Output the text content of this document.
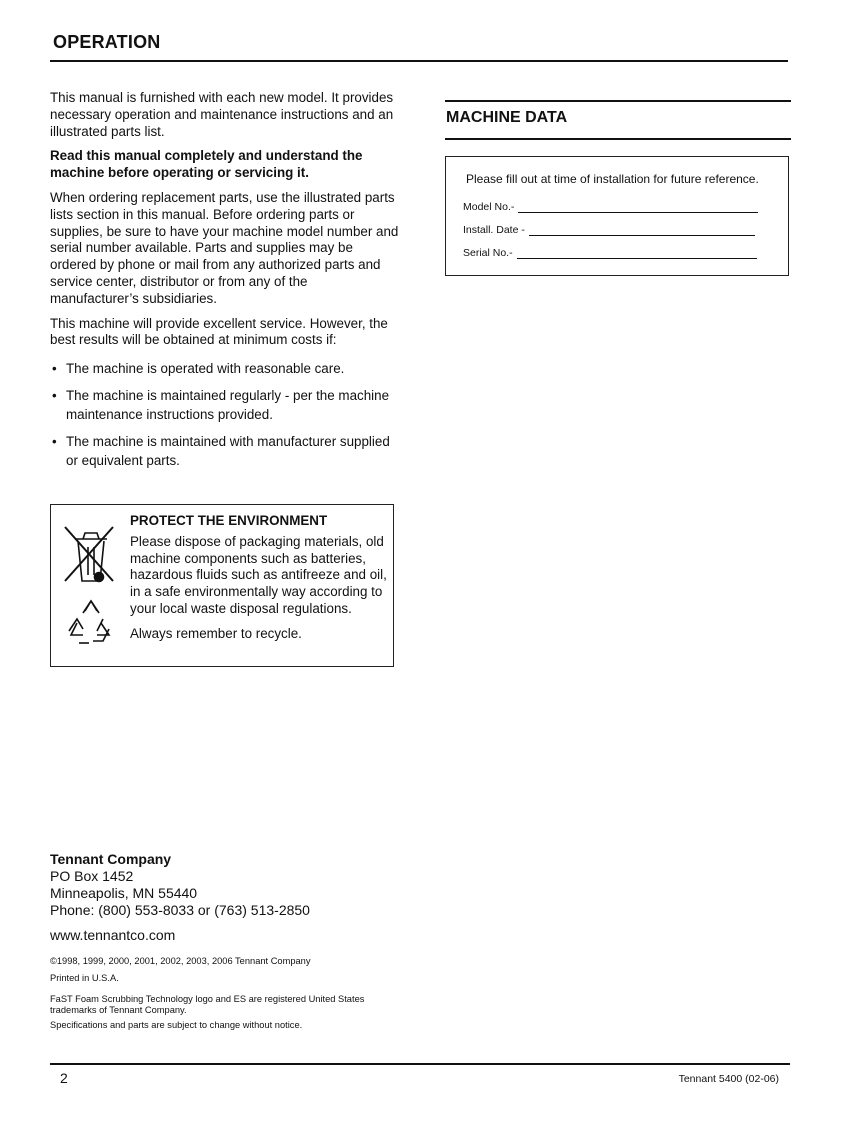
OPERATION

This manual is furnished with each new model. It provides necessary operation and maintenance instructions and an illustrated parts list.

Read this manual completely and understand the machine before operating or servicing it.

When ordering replacement parts, use the illustrated parts lists section in this manual. Before ordering parts or supplies, be sure to have your machine model number and serial number available. Parts and supplies may be ordered by phone or mail from any authorized parts and service center, distributor or from any of the manufacturer’s subsidiaries.

This machine will provide excellent service. However, the best results will be obtained at minimum costs if:

• The machine is operated with reasonable care.
• The machine is maintained regularly - per the machine maintenance instructions provided.
• The machine is maintained with manufacturer supplied or equivalent parts.
PROTECT THE ENVIRONMENT

Please dispose of packaging materials, old machine components such as batteries, hazardous fluids such as antifreeze and oil, in a safe environmentally way according to your local waste disposal regulations.

Always remember to recycle.

MACHINE DATA
Please fill out at time of installation for future reference.
Model No.-
Install. Date -
Serial No.-
Tennant Company
PO Box 1452
Minneapolis, MN 55440
Phone: (800) 553-8033 or (763) 513-2850
www.tennantco.com
©1998, 1999, 2000, 2001, 2002, 2003, 2006 Tennant Company
Printed in U.S.A.
FaST Foam Scrubbing Technology logo and ES are registered United States trademarks of Tennant Company.
Specifications and parts are subject to change without notice.
2	Tennant 5400 (02-06)
